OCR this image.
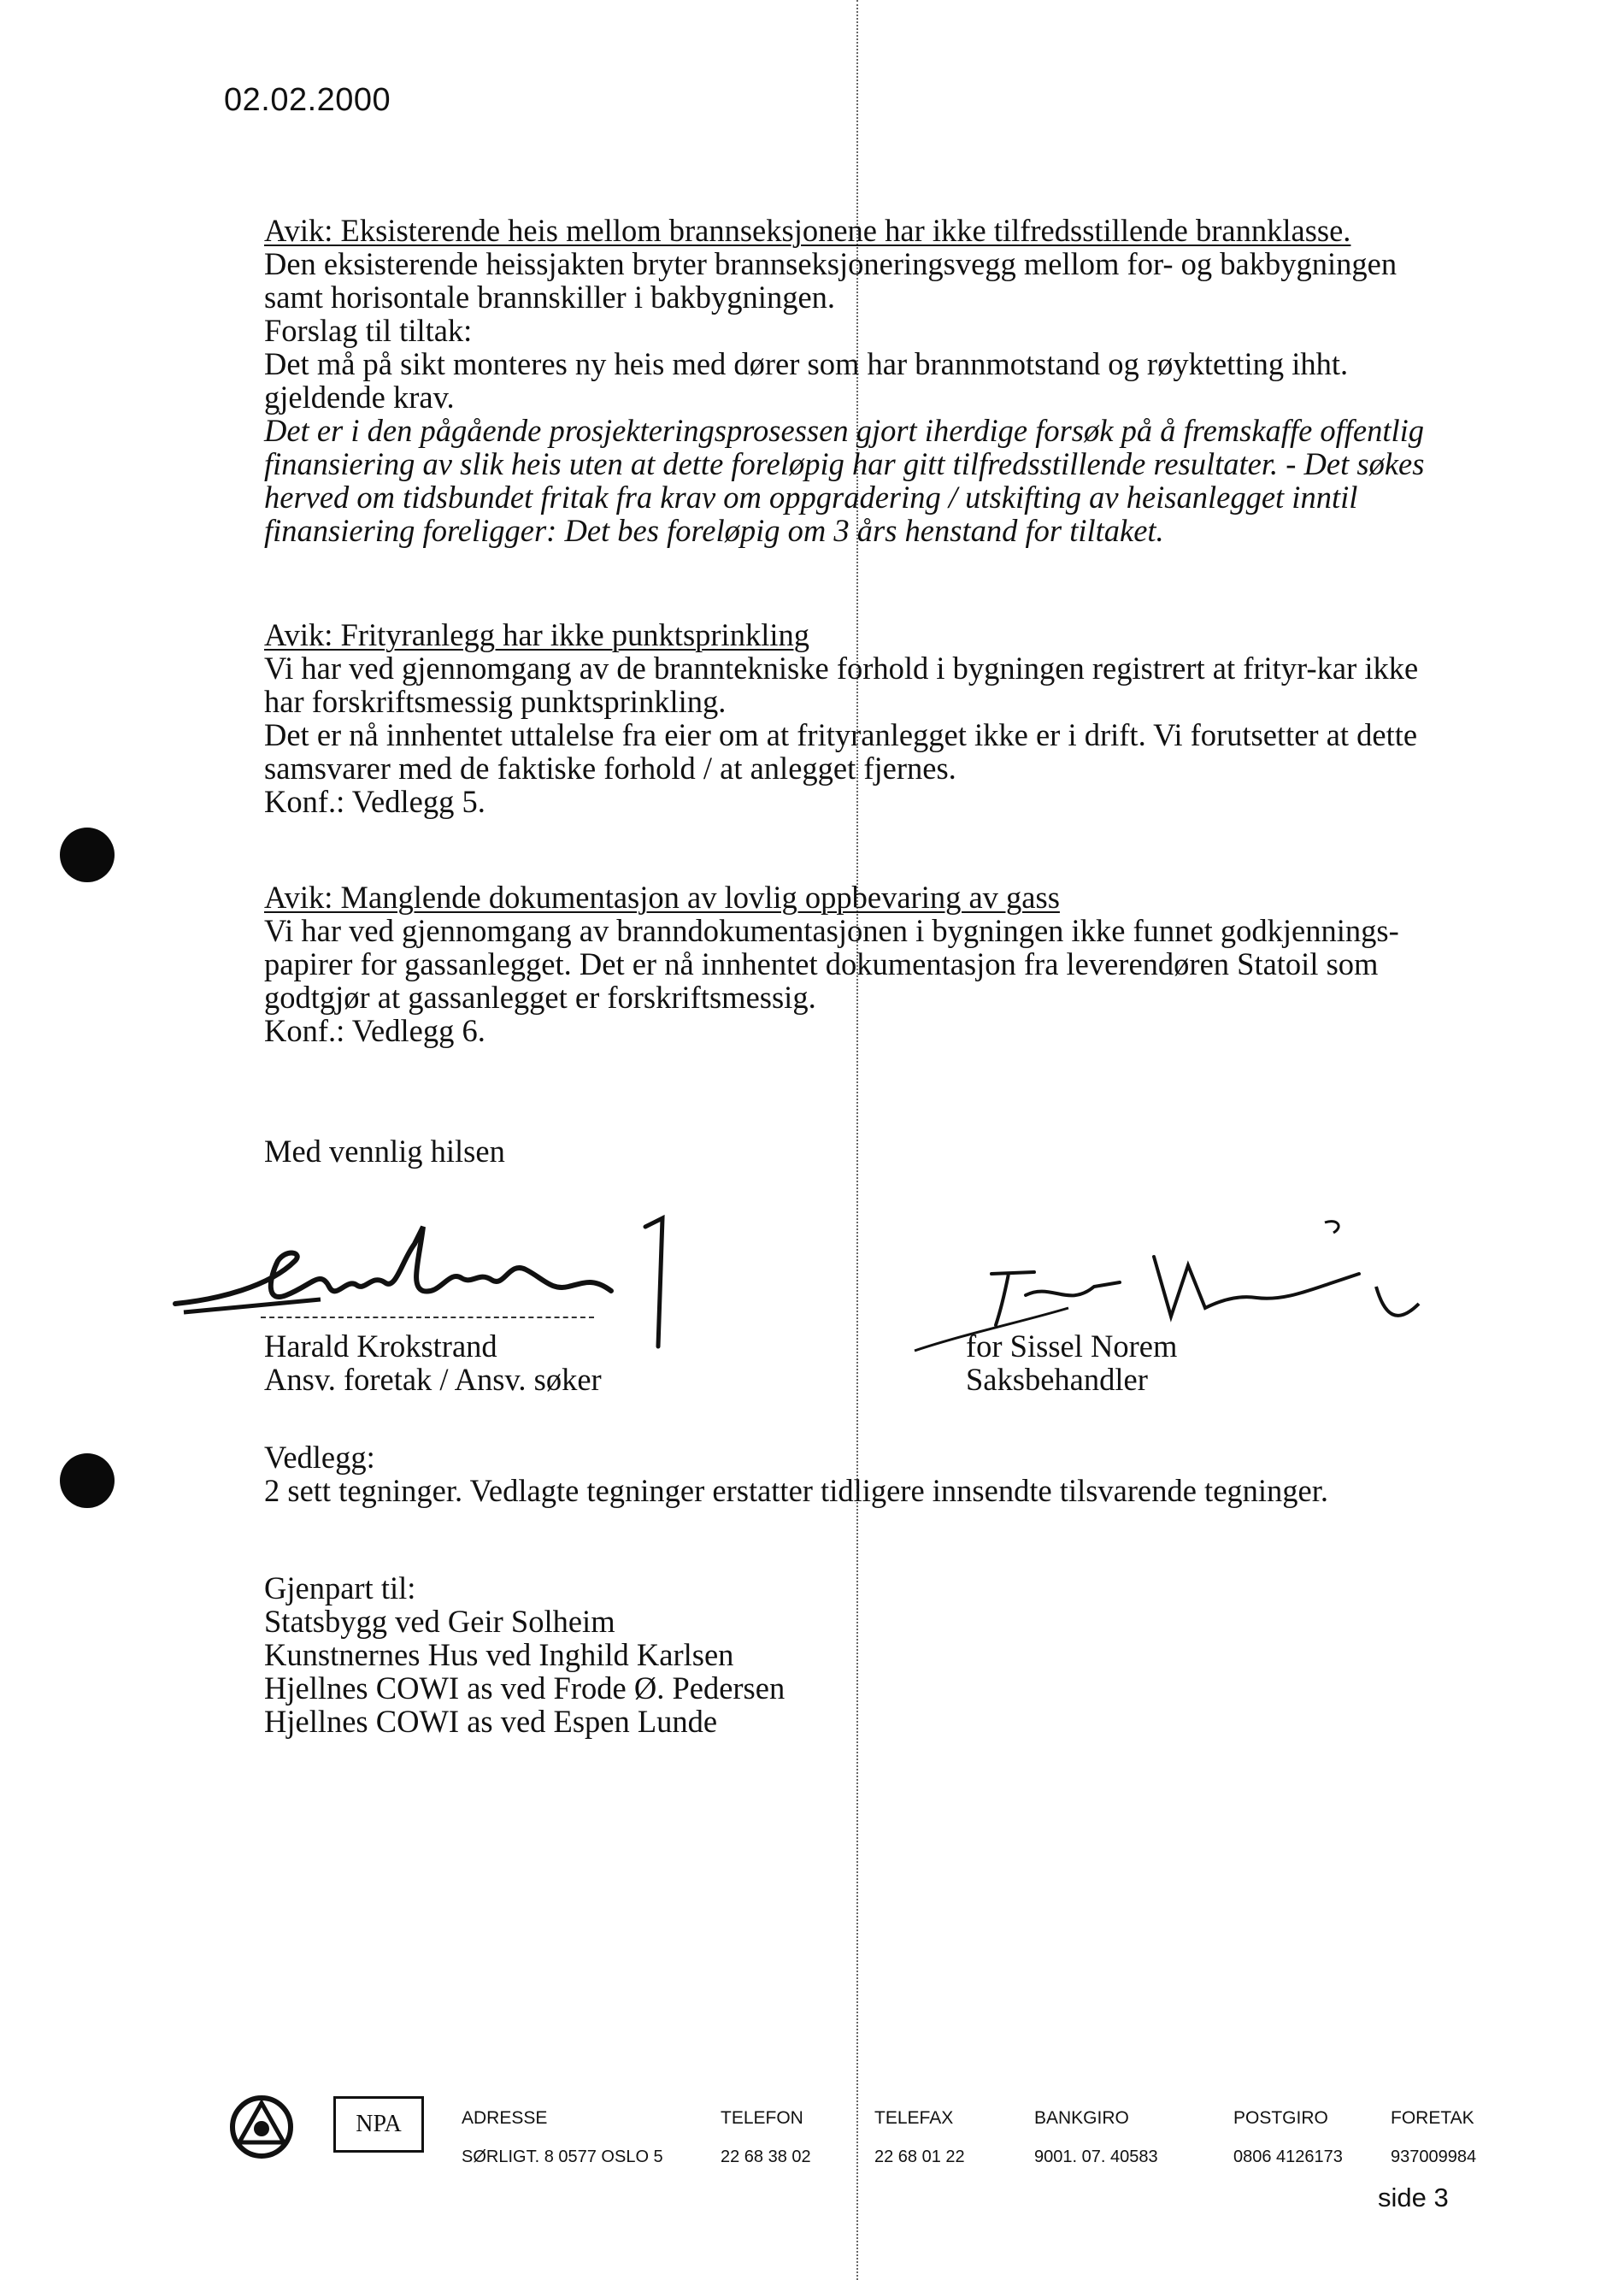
02.02.2000
Avik: Eksisterende heis mellom brannseksjonene har ikke tilfredsstillende brannklasse.
Den eksisterende heissjakten bryter brannseksjoneringsvegg mellom for- og bakbygningen
samt horisontale brannskiller i bakbygningen.
Forslag til tiltak:
Det må på sikt monteres ny heis med dører som har brannmotstand og røyktetting ihht.
gjeldende krav.
Det er i den pågående prosjekteringsprosessen gjort iherdige forsøk på å fremskaffe offentlig
finansiering av slik heis uten at dette foreløpig har gitt tilfredsstillende resultater. - Det søkes
herved om tidsbundet fritak fra krav om oppgradering / utskifting av heisanlegget inntil
finansiering foreligger: Det bes foreløpig om 3 års henstand for tiltaket.
Avik: Frityranlegg har ikke punktsprinkling
Vi har ved gjennomgang av de branntekniske forhold i bygningen registrert at frityr-kar ikke
har forskriftsmessig punktsprinkling.
Det er nå innhentet uttalelse fra eier om at frityranlegget ikke er i drift. Vi forutsetter at dette
samsvarer med de faktiske forhold / at anlegget fjernes.
Konf.: Vedlegg 5.
Avik: Manglende dokumentasjon av lovlig oppbevaring av gass
Vi har ved gjennomgang av branndokumentasjonen i bygningen ikke funnet godkjennings-
papirer for gassanlegget. Det er nå innhentet dokumentasjon fra leverendøren Statoil som
godtgjør at gassanlegget er forskriftsmessig.
Konf.: Vedlegg 6.
Med vennlig hilsen
Harald Krokstrand
Ansv. foretak / Ansv. søker
for Sissel Norem
Saksbehandler
Vedlegg:
2 sett tegninger. Vedlagte tegninger erstatter tidligere innsendte tilsvarende tegninger.
Gjenpart til:
Statsbygg ved Geir Solheim
Kunstnernes Hus ved Inghild Karlsen
Hjellnes COWI as ved Frode Ø. Pedersen
Hjellnes COWI as ved Espen Lunde
NPA	ADRESSE
SØRLIGT. 8 0577 OSLO 5
TELEFON
22 68 38 02
TELEFAX
22 68 01 22
BANKGIRO
9001. 07. 40583
POSTGIRO
0806 4126173
FORETAK
937009984
side 3
